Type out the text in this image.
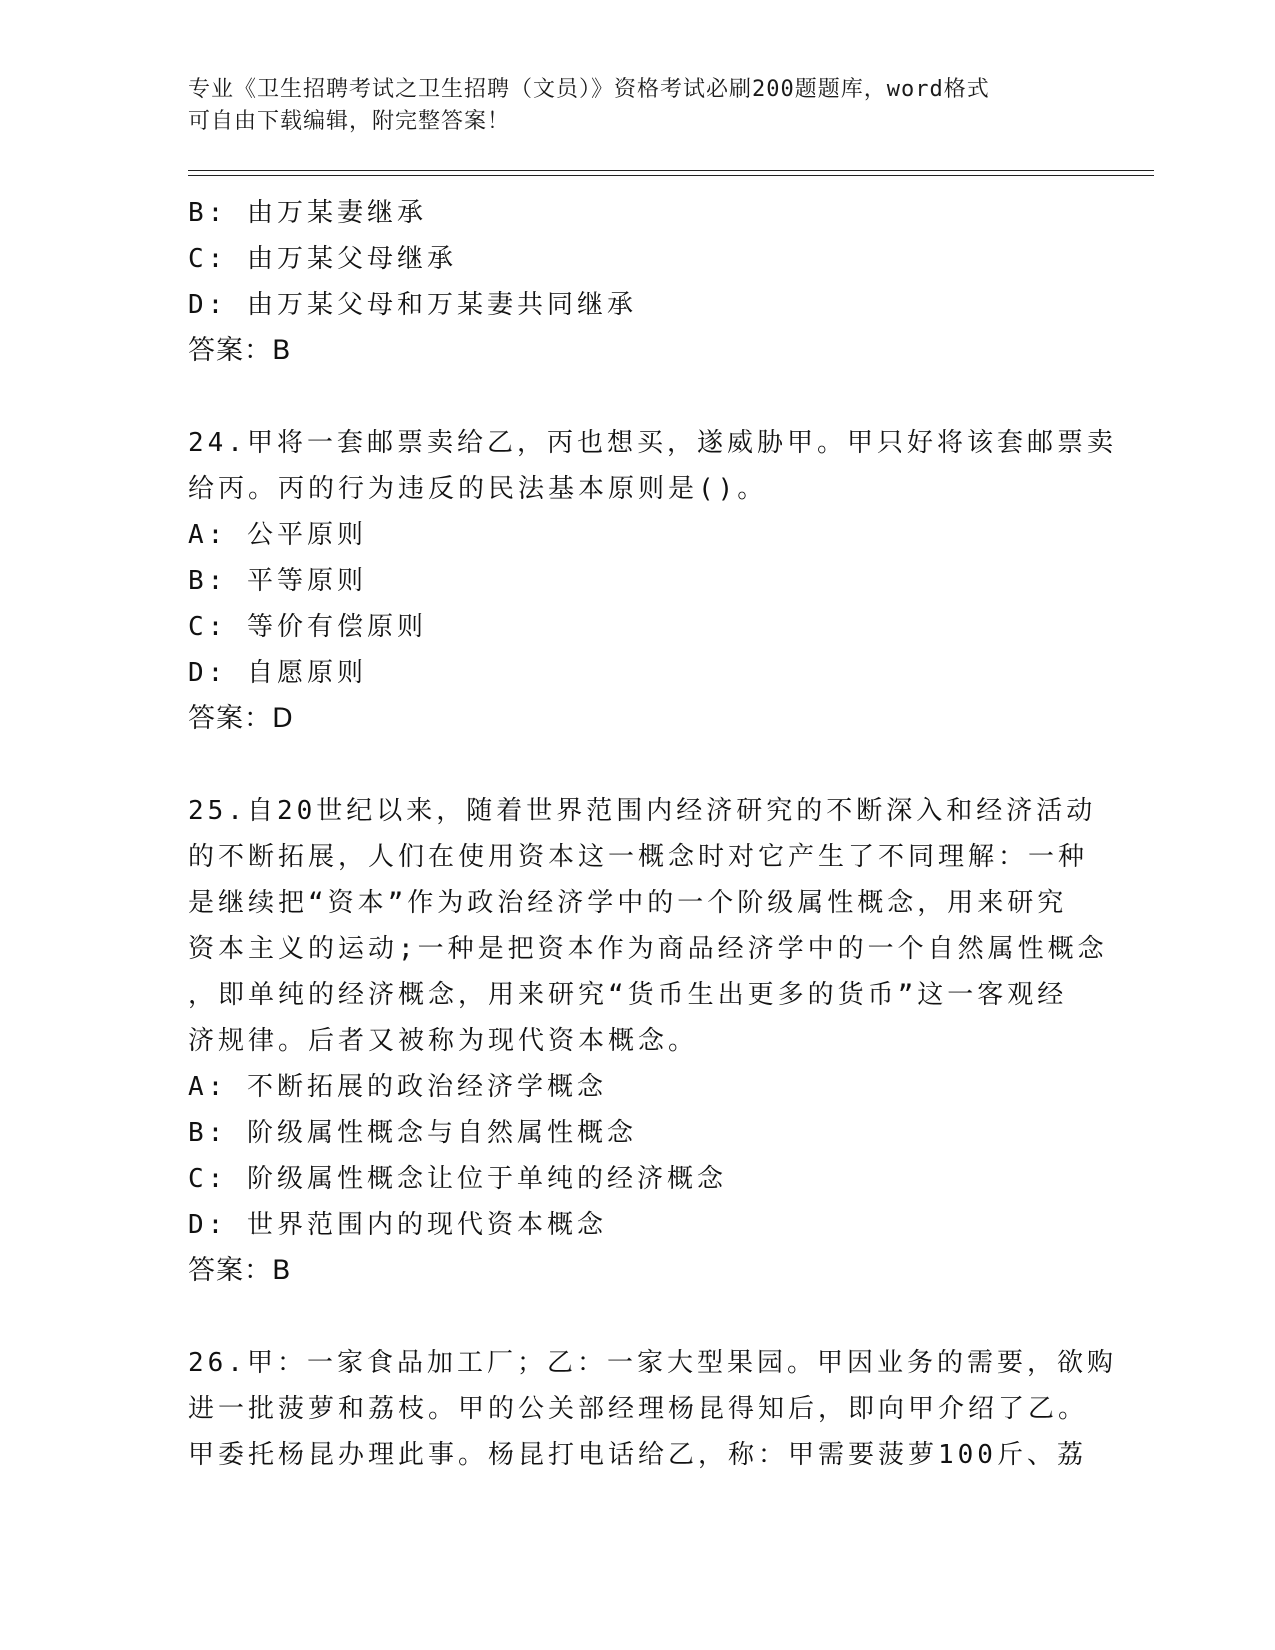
专业《卫生招聘考试之卫生招聘（文员）》资格考试必刷200题题库，word格式
可自由下载编辑，附完整答案！
B: 由万某妻继承
C: 由万某父母继承
D: 由万某父母和万某妻共同继承
答案：B
24.甲将一套邮票卖给乙，丙也想买，遂威胁甲。甲只好将该套邮票卖
给丙。丙的行为违反的民法基本原则是()。
A: 公平原则
B: 平等原则
C: 等价有偿原则
D: 自愿原则
答案：D
25.自20世纪以来，随着世界范围内经济研究的不断深入和经济活动
的不断拓展，人们在使用资本这一概念时对它产生了不同理解：一种
是继续把“资本”作为政治经济学中的一个阶级属性概念，用来研究
资本主义的运动;一种是把资本作为商品经济学中的一个自然属性概念
，即单纯的经济概念，用来研究“货币生出更多的货币”这一客观经
济规律。后者又被称为现代资本概念。
A: 不断拓展的政治经济学概念
B: 阶级属性概念与自然属性概念
C: 阶级属性概念让位于单纯的经济概念
D: 世界范围内的现代资本概念
答案：B
26.甲：一家食品加工厂；乙：一家大型果园。甲因业务的需要，欲购
进一批菠萝和荔枝。甲的公关部经理杨昆得知后，即向甲介绍了乙。
甲委托杨昆办理此事。杨昆打电话给乙，称：甲需要菠萝100斤、荔
